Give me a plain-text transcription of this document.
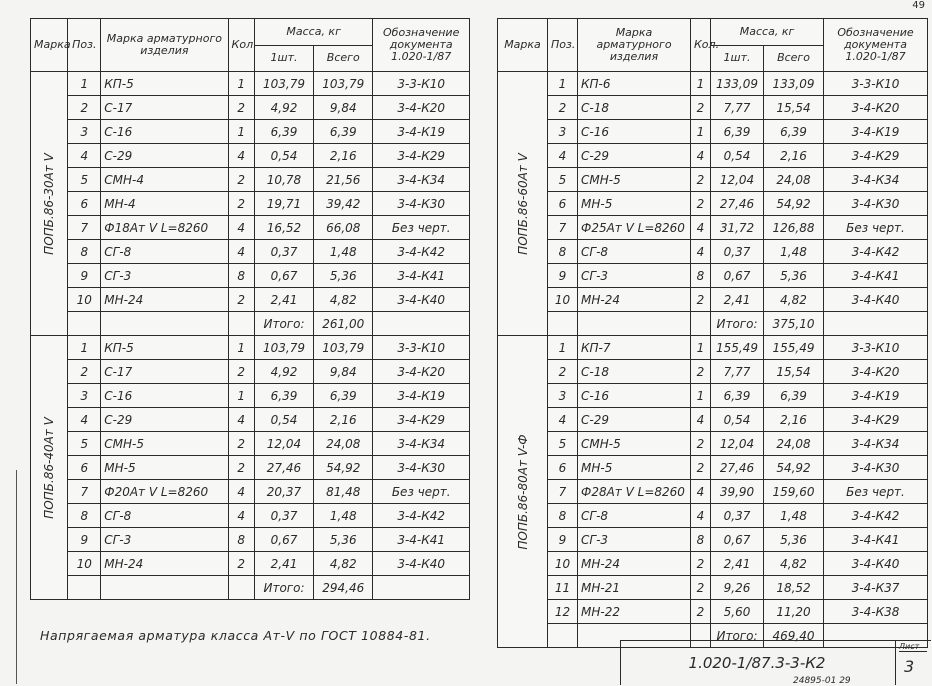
49
Марка	Поз.	Марка арматурного изделия	Кол.	Масса, кг		Обозначение документа 1.020-1/87
				1шт.	Всего	

ПОПБ.86-30Ат V	1	КП-5	1	103,79	103,79	3-3-К10
	2	С-17	2	4,92	9,84	3-4-К20
	3	С-16	1	6,39	6,39	3-4-К19
	4	С-29	4	0,54	2,16	3-4-К29
	5	СМН-4	2	10,78	21,56	3-4-К34
	6	МН-4	2	19,71	39,42	3-4-К30
	7	Ф18Ат V L=8260	4	16,52	66,08	Без черт.
	8	СГ-8	4	0,37	1,48	3-4-К42
	9	СГ-3	8	0,67	5,36	3-4-К41
	10	МН-24	2	2,41	4,82	3-4-К40
				Итого:	261,00	

ПОПБ.86-40Ат V	1	КП-5	1	103,79	103,79	3-3-К10
	2	С-17	2	4,92	9,84	3-4-К20
	3	С-16	1	6,39	6,39	3-4-К19
	4	С-29	4	0,54	2,16	3-4-К29
	5	СМН-5	2	12,04	24,08	3-4-К34
	6	МН-5	2	27,46	54,92	3-4-К30
	7	Ф20Ат V L=8260	4	20,37	81,48	Без черт.
	8	СГ-8	4	0,37	1,48	3-4-К42
	9	СГ-3	8	0,67	5,36	3-4-К41
	10	МН-24	2	2,41	4,82	3-4-К40
				Итого:	294,46	
Марка	Поз.	Марка арматурного изделия	Кол.	Масса, кг		Обозначение документа 1.020-1/87
				1шт.	Всего	

ПОПБ.86-60Ат V	1	КП-6	1	133,09	133,09	3-3-К10
	2	С-18	2	7,77	15,54	3-4-К20
	3	С-16	1	6,39	6,39	3-4-К19
	4	С-29	4	0,54	2,16	3-4-К29
	5	СМН-5	2	12,04	24,08	3-4-К34
	6	МН-5	2	27,46	54,92	3-4-К30
	7	Ф25Ат V L=8260	4	31,72	126,88	Без черт.
	8	СГ-8	4	0,37	1,48	3-4-К42
	9	СГ-3	8	0,67	5,36	3-4-К41
	10	МН-24	2	2,41	4,82	3-4-К40
				Итого:	375,10	

ПОПБ.86-80Ат V-Ф	1	КП-7	1	155,49	155,49	3-3-К10
	2	С-18	2	7,77	15,54	3-4-К20
	3	С-16	1	6,39	6,39	3-4-К19
	4	С-29	4	0,54	2,16	3-4-К29
	5	СМН-5	2	12,04	24,08	3-4-К34
	6	МН-5	2	27,46	54,92	3-4-К30
	7	Ф28Ат V L=8260	4	39,90	159,60	Без черт.
	8	СГ-8	4	0,37	1,48	3-4-К42
	9	СГ-3	8	0,67	5,36	3-4-К41
	10	МН-24	2	2,41	4,82	3-4-К40
	11	МН-21	2	9,26	18,52	3-4-К37
	12	МН-22	2	5,60	11,20	3-4-К38
				Итого:	469,40	
Напрягаемая арматура класса Ат-V по ГОСТ 10884-81.
1.020-1/87.3-3-К2
Лист
3
24895-01 29
